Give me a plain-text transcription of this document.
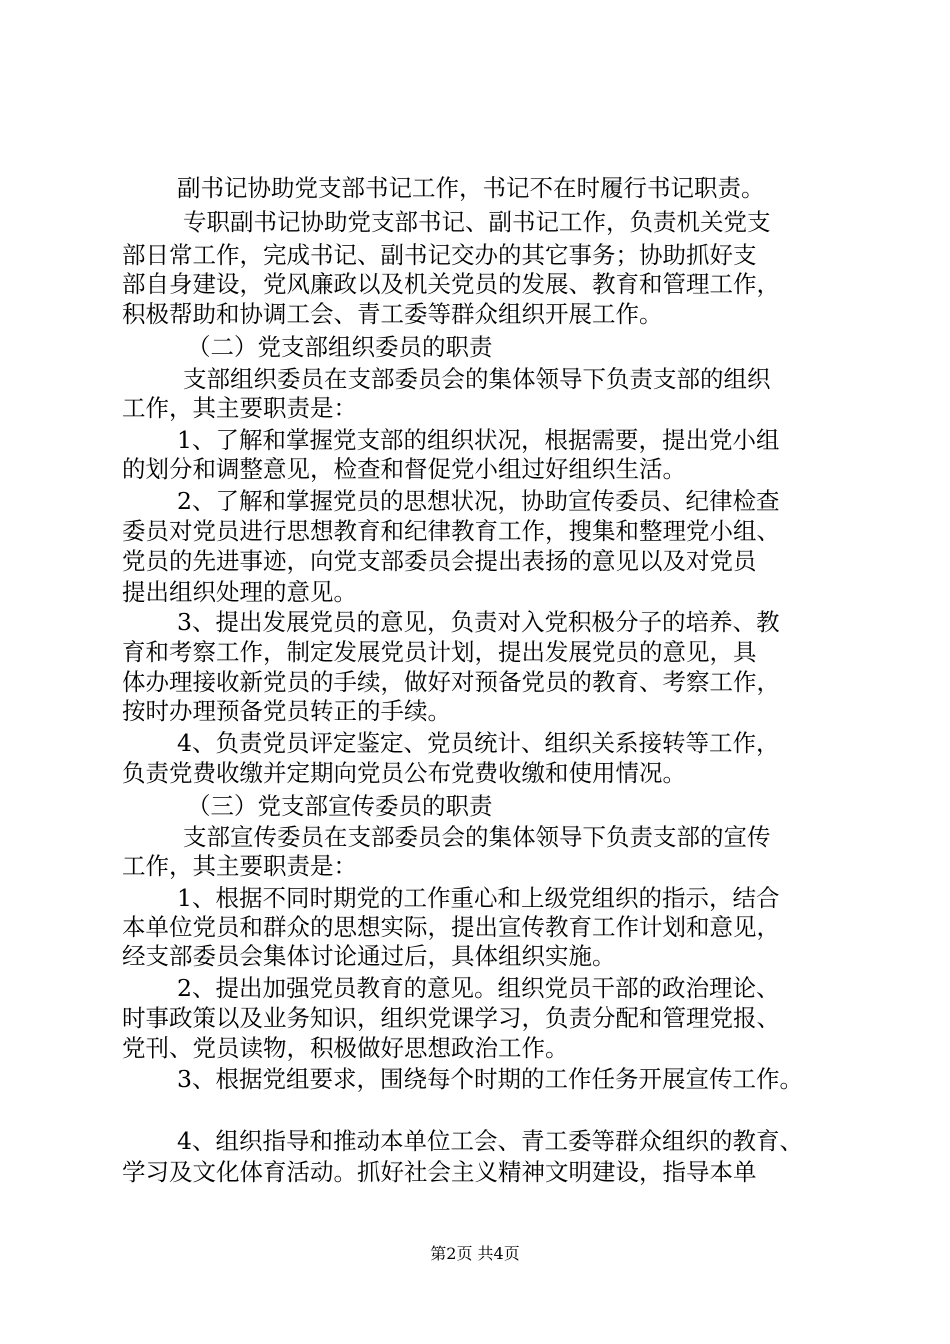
副书记协助党支部书记工作，书记不在时履行书记职责。
专职副书记协助党支部书记、副书记工作，负责机关党支
部日常工作，完成书记、副书记交办的其它事务；协助抓好支
部自身建设，党风廉政以及机关党员的发展、教育和管理工作，
积极帮助和协调工会、青工委等群众组织开展工作。
（二）党支部组织委员的职责
支部组织委员在支部委员会的集体领导下负责支部的组织
工作，其主要职责是：
1、了解和掌握党支部的组织状况，根据需要，提出党小组
的划分和调整意见，检查和督促党小组过好组织生活。
2、了解和掌握党员的思想状况，协助宣传委员、纪律检查
委员对党员进行思想教育和纪律教育工作，搜集和整理党小组、
党员的先进事迹，向党支部委员会提出表扬的意见以及对党员
提出组织处理的意见。
3、提出发展党员的意见，负责对入党积极分子的培养、教
育和考察工作，制定发展党员计划，提出发展党员的意见，具
体办理接收新党员的手续，做好对预备党员的教育、考察工作，
按时办理预备党员转正的手续。
4、负责党员评定鉴定、党员统计、组织关系接转等工作，
负责党费收缴并定期向党员公布党费收缴和使用情况。
（三）党支部宣传委员的职责
支部宣传委员在支部委员会的集体领导下负责支部的宣传
工作，其主要职责是：
1、根据不同时期党的工作重心和上级党组织的指示，结合
本单位党员和群众的思想实际，提出宣传教育工作计划和意见，
经支部委员会集体讨论通过后，具体组织实施。
2、提出加强党员教育的意见。组织党员干部的政治理论、
时事政策以及业务知识，组织党课学习，负责分配和管理党报、
党刊、党员读物，积极做好思想政治工作。
3、根据党组要求，围绕每个时期的工作任务开展宣传工作。
4、组织指导和推动本单位工会、青工委等群众组织的教育、
学习及文化体育活动。抓好社会主义精神文明建设，指导本单
第2页 共4页
